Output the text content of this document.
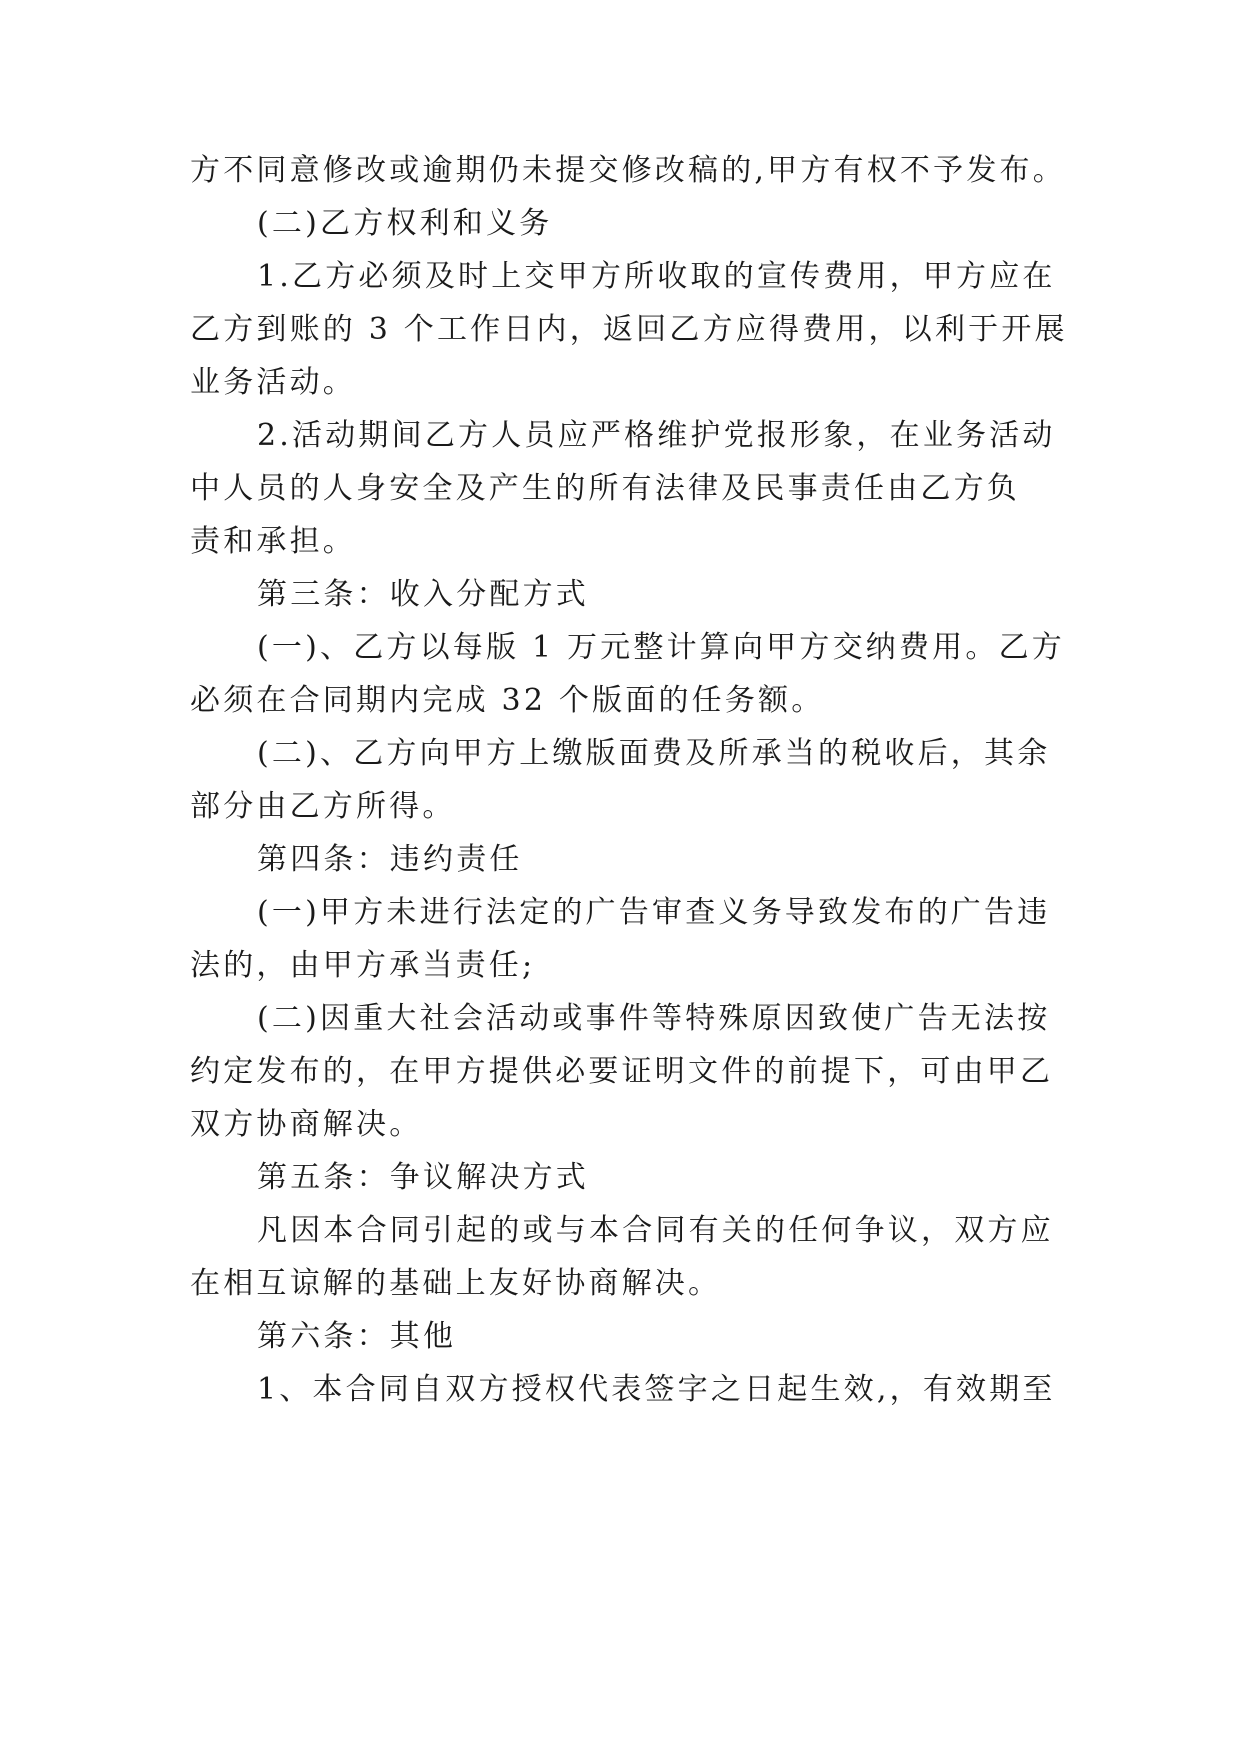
方不同意修改或逾期仍未提交修改稿的,甲方有权不予发布。
(二)乙方权利和义务
1.乙方必须及时上交甲方所收取的宣传费用，甲方应在
乙方到账的 3 个工作日内，返回乙方应得费用，以利于开展
业务活动。
2.活动期间乙方人员应严格维护党报形象，在业务活动
中人员的人身安全及产生的所有法律及民事责任由乙方负
责和承担。
第三条：收入分配方式
(一)、乙方以每版 1 万元整计算向甲方交纳费用。乙方
必须在合同期内完成 32 个版面的任务额。
(二)、乙方向甲方上缴版面费及所承当的税收后，其余
部分由乙方所得。
第四条：违约责任
(一)甲方未进行法定的广告审查义务导致发布的广告违
法的，由甲方承当责任;
(二)因重大社会活动或事件等特殊原因致使广告无法按
约定发布的，在甲方提供必要证明文件的前提下，可由甲乙
双方协商解决。
第五条：争议解决方式
凡因本合同引起的或与本合同有关的任何争议，双方应
在相互谅解的基础上友好协商解决。
第六条：其他
1、本合同自双方授权代表签字之日起生效,，有效期至
